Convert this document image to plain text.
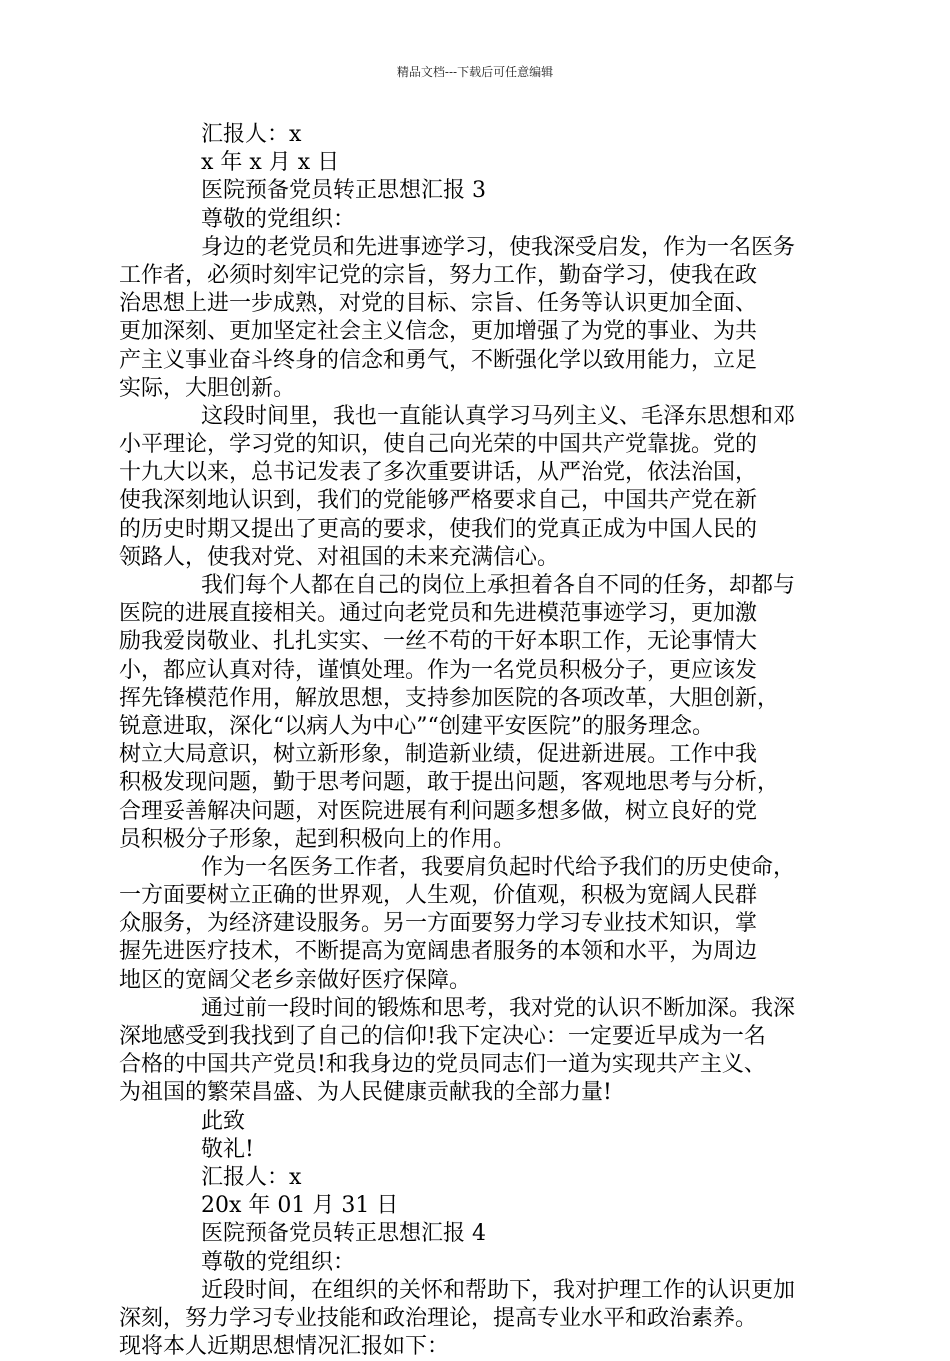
精品文档---下载后可任意编辑
汇报人：x
x 年 x 月 x 日
医院预备党员转正思想汇报 3
尊敬的党组织：
身边的老党员和先进事迹学习，使我深受启发，作为一名医务
工作者，必须时刻牢记党的宗旨，努力工作，勤奋学习，使我在政
治思想上进一步成熟，对党的目标、宗旨、任务等认识更加全面、
更加深刻、更加坚定社会主义信念，更加增强了为党的事业、为共
产主义事业奋斗终身的信念和勇气，不断强化学以致用能力，立足
实际，大胆创新。
这段时间里，我也一直能认真学习马列主义、毛泽东思想和邓
小平理论，学习党的知识，使自己向光荣的中国共产党靠拢。党的
十九大以来，总书记发表了多次重要讲话，从严治党，依法治国，
使我深刻地认识到，我们的党能够严格要求自己，中国共产党在新
的历史时期又提出了更高的要求，使我们的党真正成为中国人民的
领路人，使我对党、对祖国的未来充满信心。
我们每个人都在自己的岗位上承担着各自不同的任务，却都与
医院的进展直接相关。通过向老党员和先进模范事迹学习，更加激
励我爱岗敬业、扎扎实实、一丝不苟的干好本职工作，无论事情大
小，都应认真对待，谨慎处理。作为一名党员积极分子，更应该发
挥先锋模范作用，解放思想，支持参加医院的各项改革，大胆创新，
锐意进取，深化“以病人为中心”“创建平安医院”的服务理念。
树立大局意识，树立新形象，制造新业绩，促进新进展。工作中我
积极发现问题，勤于思考问题，敢于提出问题，客观地思考与分析，
合理妥善解决问题，对医院进展有利问题多想多做，树立良好的党
员积极分子形象，起到积极向上的作用。
作为一名医务工作者，我要肩负起时代给予我们的历史使命，
一方面要树立正确的世界观，人生观，价值观，积极为宽阔人民群
众服务，为经济建设服务。另一方面要努力学习专业技术知识，掌
握先进医疗技术，不断提高为宽阔患者服务的本领和水平，为周边
地区的宽阔父老乡亲做好医疗保障。
通过前一段时间的锻炼和思考，我对党的认识不断加深。我深
深地感受到我找到了自己的信仰!我下定决心：一定要近早成为一名
合格的中国共产党员!和我身边的党员同志们一道为实现共产主义、
为祖国的繁荣昌盛、为人民健康贡献我的全部力量!
此致
敬礼!
汇报人：x
20x 年 01 月 31 日
医院预备党员转正思想汇报 4
尊敬的党组织：
近段时间，在组织的关怀和帮助下，我对护理工作的认识更加
深刻，努力学习专业技能和政治理论，提高专业水平和政治素养。
现将本人近期思想情况汇报如下：
